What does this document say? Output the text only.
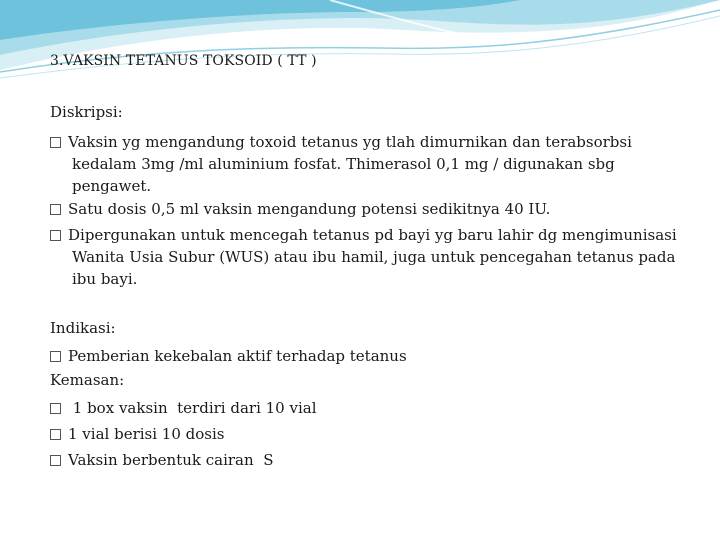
3.VAKSIN TETANUS TOKSOID ( TT )
Diskripsi:
Vaksin yg mengandung toxoid tetanus yg tlah dimurnikan dan terabsorbsi kedalam 3mg /ml aluminium fosfat. Thimerasol 0,1 mg / digunakan sbg pengawet.
Satu dosis 0,5 ml vaksin mengandung potensi sedikitnya 40 IU.
Dipergunakan untuk mencegah tetanus pd bayi yg baru lahir dg mengimunisasi Wanita Usia Subur (WUS) atau ibu hamil, juga untuk pencegahan tetanus pada ibu bayi.
Indikasi:
Pemberian kekebalan aktif terhadap tetanus
Kemasan:
1 box vaksin  terdiri dari 10 vial
1 vial berisi 10 dosis
Vaksin berbentuk cairan  S
